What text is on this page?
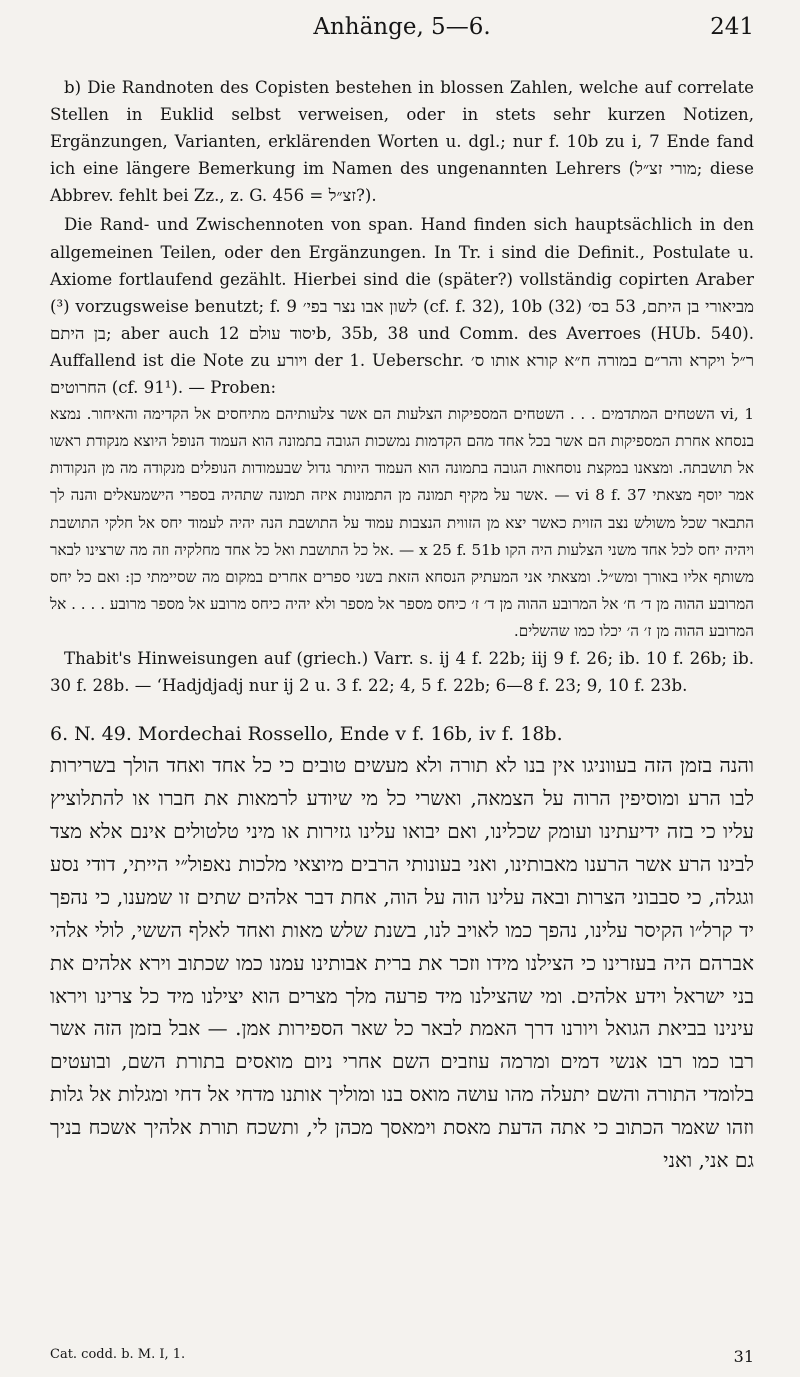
Anhänge, 5—6.	241

b) Die Randnoten des Copisten bestehen in blossen Zahlen, welche auf correlate Stellen in Euklid selbst verweisen, oder in stets sehr kurzen Notizen, Ergänzungen, Varianten, erklärenden Worten u. dgl.; nur f. 10b zu i, 7 Ende fand ich eine längere Bemerkung im Namen des ungenannten Lehrers (מורי זצ״ל; diese Abbrev. fehlt bei Zz., z. G. 456 = זצ״ל?).

Die Rand- und Zwischennoten von span. Hand finden sich hauptsächlich in den allgemeinen Teilen, oder den Ergänzungen. In Tr. i sind die Definit., Postulate u. Axiome fortlaufend gezählt. Hierbei sind die (später?) vollständig copirten Araber (³) vorzugsweise benutzt; f. 9 לשון אבו נצר בפי׳ (cf. f. 32), 10b (32) מביאורי בן היתם, 53 בס׳ בן היתם; aber auch יסוד עולם 12b, 35b, 38 und Comm. des Averroes (HUb. 540). Auffallend ist die Note zu ויורע der 1. Ueberschr. ר״ל ויקרא והר״ם במורה ח״א קורא אותו ס׳ החרוטים (cf. 91¹). — Proben:

vi, 1 השטחים המתדמים . . . השטחים המספיקות הצלעות הם אשר צלעותיהם מתיחסים אל הקדימה והאיחור. נמצא בנסחא אחרת המספיקות הם אשר בכל אחד מהם הקדמות נמשכות הגובה בתמונה הוא העמוד הנופל היוצא מנקודת ראשו אל תושבתה. ומצאנו במקצת נוסחאות הגובה בתמונה הוא העמוד היותר גדול שבעמודות הנופלים מנקודה מה מן הנקודות אמר יוסף מצאתי vi 8 f. 37 — .אשר על מקיף תמונה מן התמונות איזה תמונה שתהיה בספרי הישמעאלים והנה לך התבאר שכל משולש נצב הזוית כאשר יצא מן הזווית הנצבות עמוד על התושבת הנה יהיה לעמוד יחס אל חלקי התושבת ויהיה יחס לכל אחד משני הצלעות היה הקו x 25 f. 51b — .אל כל התושבת ואל כל אחד מחלקיה וזה מה שרצינו לבאר משותף אליו באורך ומש״ל. ומצאתי אני המעתיק הנסחא הזאת בשני ספרים אחרים במקום מה שסיימתי כן: ואם כל יחס המרובע ההוה מן ד׳ ח׳ אל המרובע ההוה מן ד׳ ז׳ כיחס מספר אל מספר ולא יהיה כיחס מרובע אל מספר מרובע . . . . אל המרובע ההוה מן ז׳ ה׳ יכלו כמו שהשלים.

Thabit's Hinweisungen auf (griech.) Varr. s. ij 4 f. 22b; iij 9 f. 26; ib. 10 f. 26b; ib. 30 f. 28b. — ‘Hadjdjadj nur ij 2 u. 3 f. 22; 4, 5 f. 22b; 6—8 f. 23; 9, 10 f. 23b.

6. N. 49. Mordechai Rossello, Ende v f. 16b, iv f. 18b.

והנה בזמן הזה בעווניגו אין בנו לא תורה ולא מעשים טובים כי כל אחד ואחד הולך בשרירות לבו הרע ומוסיפין הרוה על הצמאה, ואשרי כל מי שיודע לרמאות את חברו או להתלוציץ עליו כי בזה ידיעתינו ועומק שכלינו, ואם יבואו עלינו גזירות או מיני טלטולים אינם אלא מצד לבינו הרע אשר הרענו מאבותינו, ואני בעונותי הרבים מיוצאי מלכות נאפול״י הייתי, דודי נסע וגגלה, כי סבבוני הצרות ובאה עלינו הוה על הוה, אחת דבר אלהים שתים זו שמענו, כי נהפך יד קרל״ו הקיסר עלינו, נהפך כמו לאויב לנו, בשנת שלש מאות ואחד לאלף הששי, לולי אלהי אברהם היה בעזרינו כי הצילנו מידו וזכר את ברית אבותינו עמנו כמו שכתוב וירא אלהים את בני ישראל וידע אלהים. ומי שהצילנו מיד פרעה מלך מצרים הוא יצילנו מיד כל צרינו ויראו עינינו בביאת הגואל ויורנו דרך האמת לבאר כל שאר הספירות אמן. — אבל בזמן הזה אשר רבו כמו רבו אנשי דמים ומרמה עוזבים השם אחרי ניום מואסים בתורת השם, ובועטים בלומדי התורה והשם יתעלה מהו עושה מואס בנו ומוליך אותנו מדחי אל דחי ומגלות אל גלות וזהו שאמר הכתוב כי אתה הדעת מאסת וימאסך מכהן לי, ותשכח תורת אלהיך אשכח בניך גם אני, ואני

Cat. codd. b. M. I, 1.	31
